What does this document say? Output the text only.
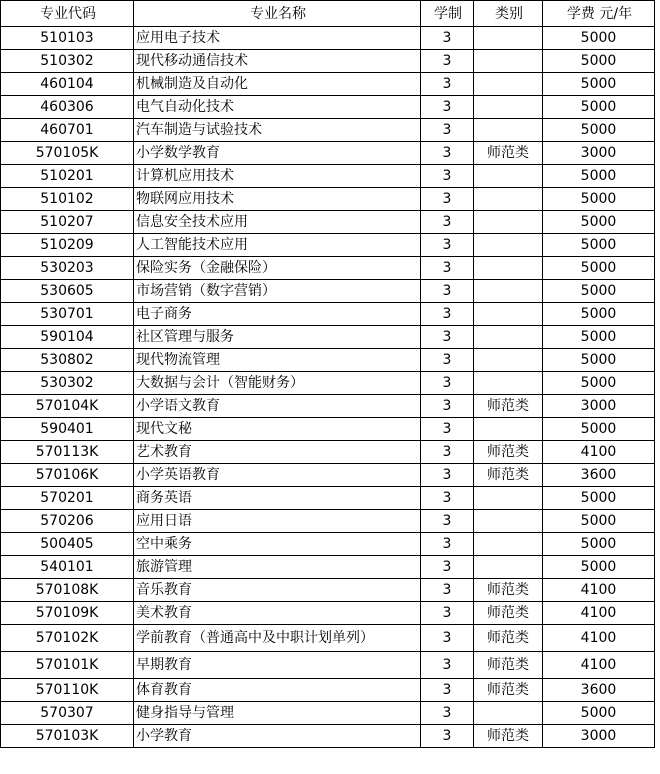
专业代码	专业名称	学制	类别	学费 元/年
510103	应用电子技术	3		5000
510302	现代移动通信技术	3		5000
460104	机械制造及自动化	3		5000
460306	电气自动化技术	3		5000
460701	汽车制造与试验技术	3		5000
570105K	小学数学教育	3	师范类	3000
510201	计算机应用技术	3		5000
510102	物联网应用技术	3		5000
510207	信息安全技术应用	3		5000
510209	人工智能技术应用	3		5000
530203	保险实务（金融保险）	3		5000
530605	市场营销（数字营销）	3		5000
530701	电子商务	3		5000
590104	社区管理与服务	3		5000
530802	现代物流管理	3		5000
530302	大数据与会计（智能财务）	3		5000
570104K	小学语文教育	3	师范类	3000
590401	现代文秘	3		5000
570113K	艺术教育	3	师范类	4100
570106K	小学英语教育	3	师范类	3600
570201	商务英语	3		5000
570206	应用日语	3		5000
500405	空中乘务	3		5000
540101	旅游管理	3		5000
570108K	音乐教育	3	师范类	4100
570109K	美术教育	3	师范类	4100
570102K	学前教育（普通高中及中职计划单列）	3	师范类	4100
570101K	早期教育	3	师范类	4100
570110K	体育教育	3	师范类	3600
570307	健身指导与管理	3		5000
570103K	小学教育	3	师范类	3000
